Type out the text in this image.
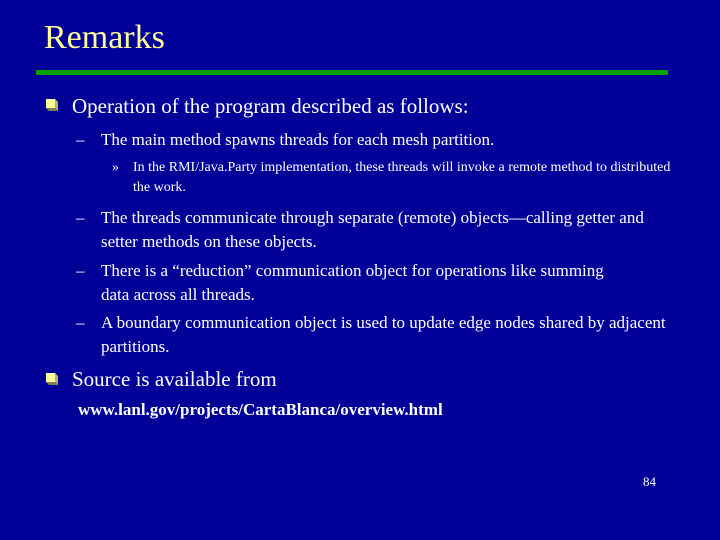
Remarks
Operation of the program described as follows:
– The main method spawns threads for each mesh partition.
» In the RMI/Java.Party implementation, these threads will invoke a remote method to distributed the work.
– The threads communicate through separate (remote) objects—calling getter and setter methods on these objects.
– There is a “reduction” communication object for operations like summing data across all threads.
– A boundary communication object is used to update edge nodes shared by adjacent partitions.
Source is available from
www.lanl.gov/projects/CartaBlanca/overview.html
84
